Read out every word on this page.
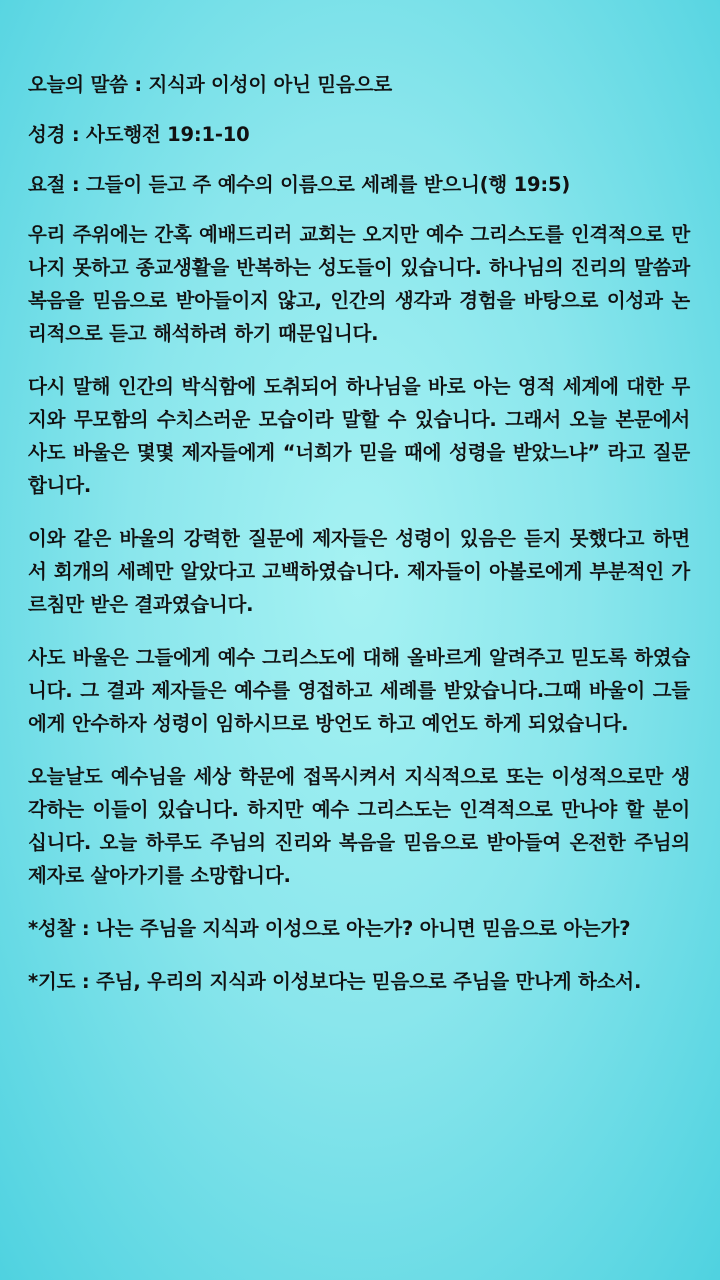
오늘의 말씀 : 지식과 이성이 아닌 믿음으로

성경 : 사도행전 19:1-10

요절 : 그들이 듣고 주 예수의 이름으로 세례를 받으니(행 19:5)

우리 주위에는 간혹 예배드리러 교회는 오지만 예수 그리스도를 인격적으로 만나지 못하고 종교생활을 반복하는 성도들이 있습니다. 하나님의 진리의 말씀과 복음을 믿음으로 받아들이지 않고, 인간의 생각과 경험을 바탕으로 이성과 논리적으로 듣고 해석하려 하기 때문입니다.

다시 말해 인간의 박식함에 도취되어 하나님을 바로 아는 영적 세계에 대한 무지와 무모함의 수치스러운 모습이라 말할 수 있습니다. 그래서 오늘 본문에서 사도 바울은 몇몇 제자들에게 “너희가 믿을 때에 성령을 받았느냐” 라고 질문합니다.

이와 같은 바울의 강력한 질문에 제자들은 성령이 있음은 듣지 못했다고 하면서 회개의 세례만 알았다고 고백하였습니다. 제자들이 아볼로에게 부분적인 가르침만 받은 결과였습니다.

사도 바울은 그들에게 예수 그리스도에 대해 올바르게 알려주고 믿도록 하였습니다. 그 결과 제자들은 예수를 영접하고 세례를 받았습니다.그때 바울이 그들에게 안수하자 성령이 임하시므로 방언도 하고 예언도 하게 되었습니다.

오늘날도 예수님을 세상 학문에 접목시켜서 지식적으로 또는 이성적으로만 생각하는 이들이 있습니다. 하지만 예수 그리스도는 인격적으로 만나야 할 분이십니다. 오늘 하루도 주님의 진리와 복음을 믿음으로 받아들여 온전한 주님의 제자로 살아가기를 소망합니다.

*성찰 : 나는 주님을 지식과 이성으로 아는가? 아니면 믿음으로 아는가?

*기도 : 주님, 우리의 지식과 이성보다는 믿음으로 주님을 만나게 하소서.
